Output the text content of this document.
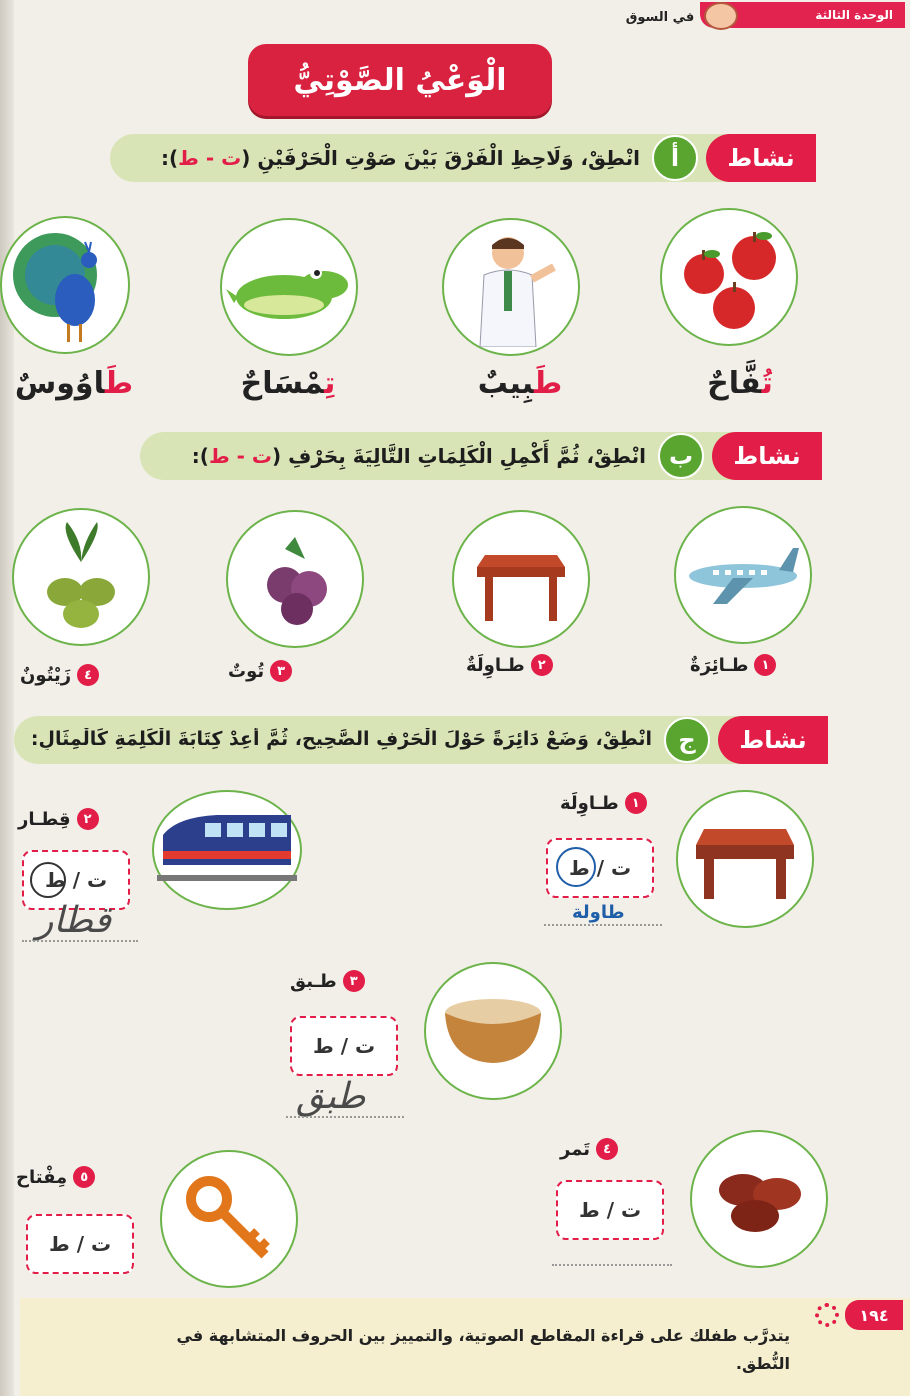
الوحدة الثالثة
في السوق
الْوَعْيُ الصَّوْتِيُّ
نشاط
أ
انْطِقْ، وَلَاحِظِ الْفَرْقَ بَيْنَ صَوْتِ الْحَرْفَيْنِ (ت - ط):
تُفَّاحٌ
طَبِيبٌ
تِمْسَاحٌ
طَاوُوسٌ
نشاط
ب
انْطِقْ، ثُمَّ أَكْمِلِ الْكَلِمَاتِ التَّالِيَةَ بِحَرْفِ (ت - ط):
١
طـائِرَةٌ
٢
طـاوِلَةٌ
٣
تُوتٌ
٤
زَيْتُونٌ
نشاط
ج
انْطِقْ، وَضَعْ دَائِرَةً حَوْلَ الْحَرْفِ الصَّحِيحِ، ثُمَّ أَعِدْ كِتَابَةَ الْكَلِمَةِ كَالْمِثَالِ:
١
طـاوِلَة
ت / ط
طاولة
٢
قِطـار
ت / ط
قطار
٣
طـبق
ت / ط
طبق
٤
تَمر
ت / ط
٥
مِفْتاح
ت / ط
١٩٤
يتدرَّب طفلك على قراءة المقاطع الصوتية، والتمييز بين الحروف المتشابهة في النُّطق.
